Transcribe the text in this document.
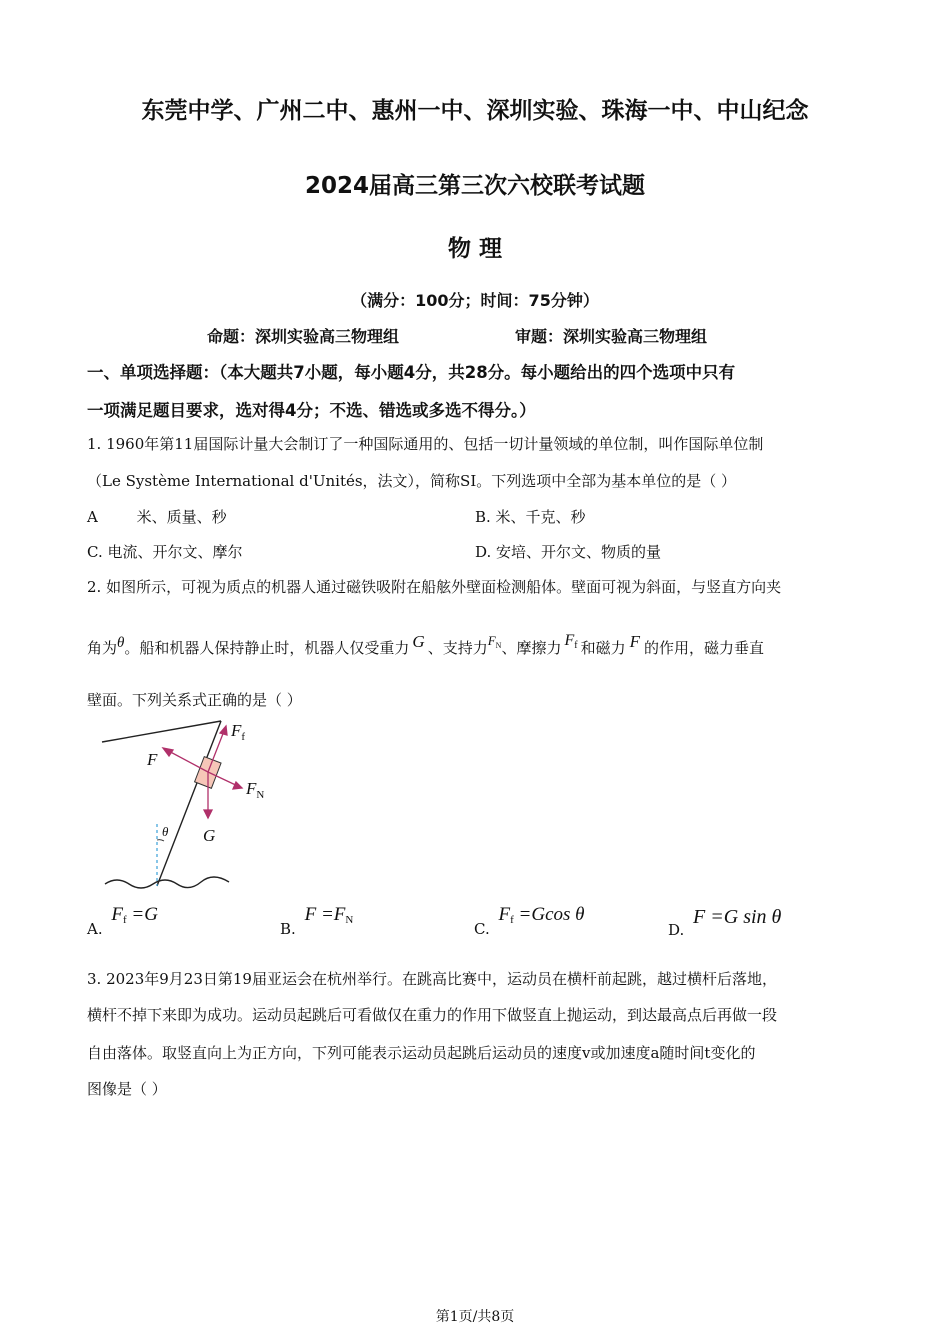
东莞中学、广州二中、惠州一中、深圳实验、珠海一中、中山纪念
2024届高三第三次六校联考试题
物 理
（满分：100分；时间：75分钟）
命题：深圳实验高三物理组	审题：深圳实验高三物理组
一、单项选择题：（本大题共7小题，每小题4分，共28分。每小题给出的四个选项中只有
一项满足题目要求，选对得4分；不选、错选或多选不得分。）
1. 1960年第11届国际计量大会制订了一种国际通用的、包括一切计量领域的单位制，叫作国际单位制
（Le Système International d'Unités，法文），简称SI。下列选项中全部为基本单位的是（ ）
A	米、质量、秒	B. 米、千克、秒
C. 电流、开尔文、摩尔	D. 安培、开尔文、物质的量
2. 如图所示，可视为质点的机器人通过磁铁吸附在船舷外壁面检测船体。壁面可视为斜面，与竖直方向夹
角为θ。船和机器人保持静止时，机器人仅受重力 G 、支持力$F_N$、摩擦力 $F_f$ 和磁力 F 的作用，磁力垂直
壁面。下列关系式正确的是（ ）
$F_f$
F
$F_N$
G
θ
A. $F_f =G$
B. $F =F_N$	C. $F_f =Gcos$ θ
D. F =G sin θ
3. 2023年9月23日第19届亚运会在杭州举行。在跳高比赛中，运动员在横杆前起跳，越过横杆后落地，
横杆不掉下来即为成功。运动员起跳后可看做仅在重力的作用下做竖直上抛运动，到达最高点后再做一段
自由落体。取竖直向上为正方向，下列可能表示运动员起跳后运动员的速度v或加速度a随时间t变化的
图像是（ ）
第1页/共8页
